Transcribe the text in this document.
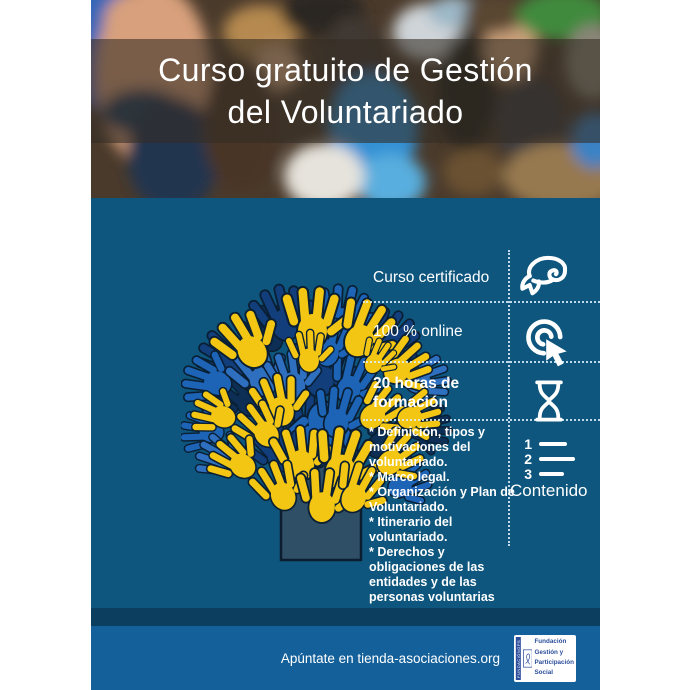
Curso gratuito de Gestión
del Voluntariado
Curso certificado
100 % online
20 horas de formación
* Definición, tipos y motivaciones del voluntariado.
* Marco legal.
* Organización y Plan de Voluntariado.
* Itinerario del voluntariado.
* Derechos y obligaciones de las entidades y de las personas voluntarias
1
2
3
Contenido
Apúntate en tienda-asociaciones.org	FUNDACIÓNGPS Fundación
Gestión y
Participación
Social
